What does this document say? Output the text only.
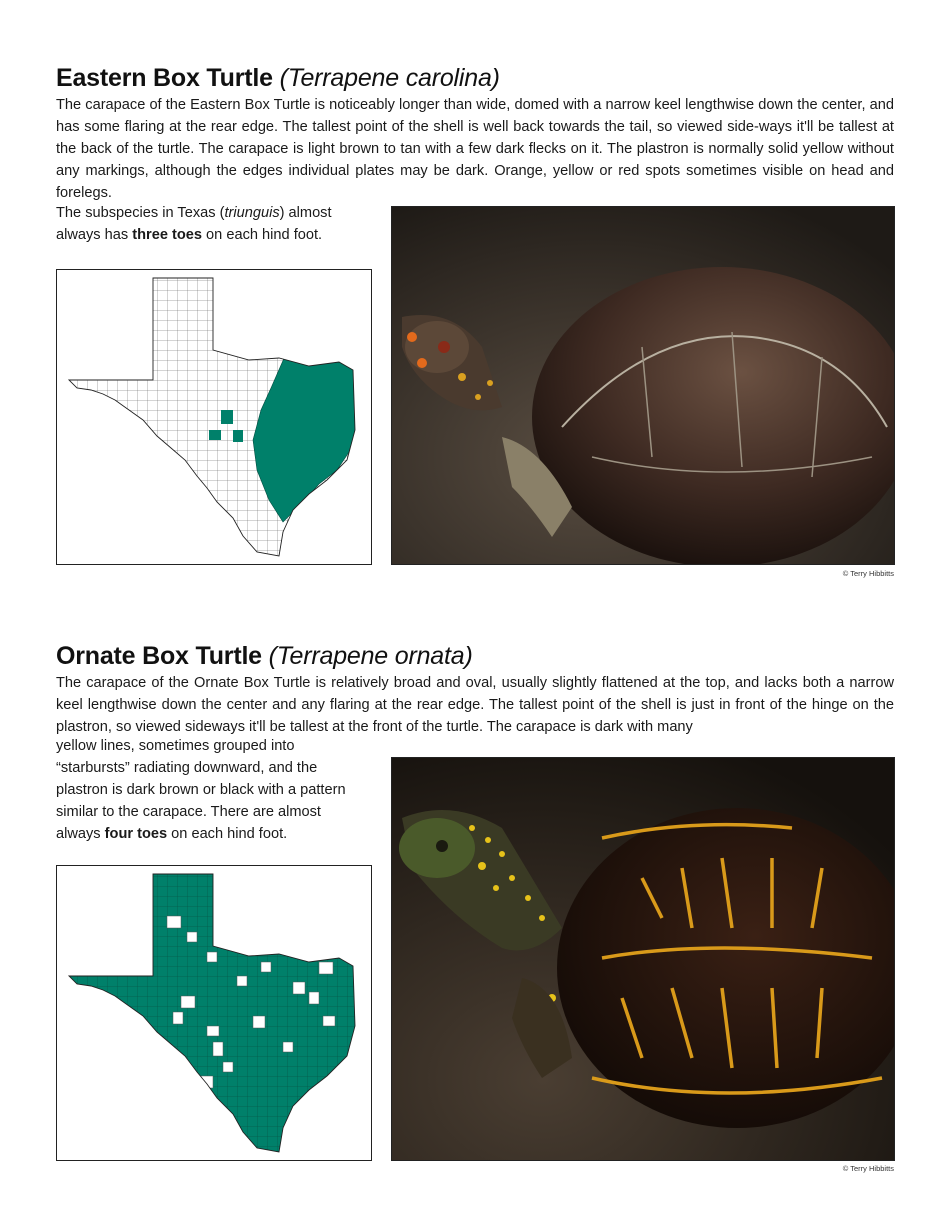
Eastern Box Turtle (Terrapene carolina)

The carapace of the Eastern Box Turtle is noticeably longer than wide, domed with a narrow keel lengthwise down the center, and has some flaring at the rear edge. The tallest point of the shell is well back towards the tail, so viewed side-ways it'll be tallest at the back of the turtle. The carapace is light brown to tan with a few dark flecks on it. The plastron is normally solid yellow without any markings, although the edges individual plates may be dark. Orange, yellow or red spots sometimes visible on head and forelegs.

The subspecies in Texas (triunguis) almost always has three toes on each hind foot.
© Terry Hibbitts
Ornate Box Turtle (Terrapene ornata)

The carapace of the Ornate Box Turtle is relatively broad and oval, usually slightly flattened at the top, and lacks both a narrow keel lengthwise down the center and any flaring at the rear edge. The tallest point of the shell is just in front of the hinge on the plastron, so viewed sideways it'll be tallest at the front of the turtle. The carapace is dark with many

yellow lines, sometimes grouped into “starbursts” radiating downward, and the plastron is dark brown or black with a pattern similar to the carapace. There are almost always four toes on each hind foot.
© Terry Hibbitts
